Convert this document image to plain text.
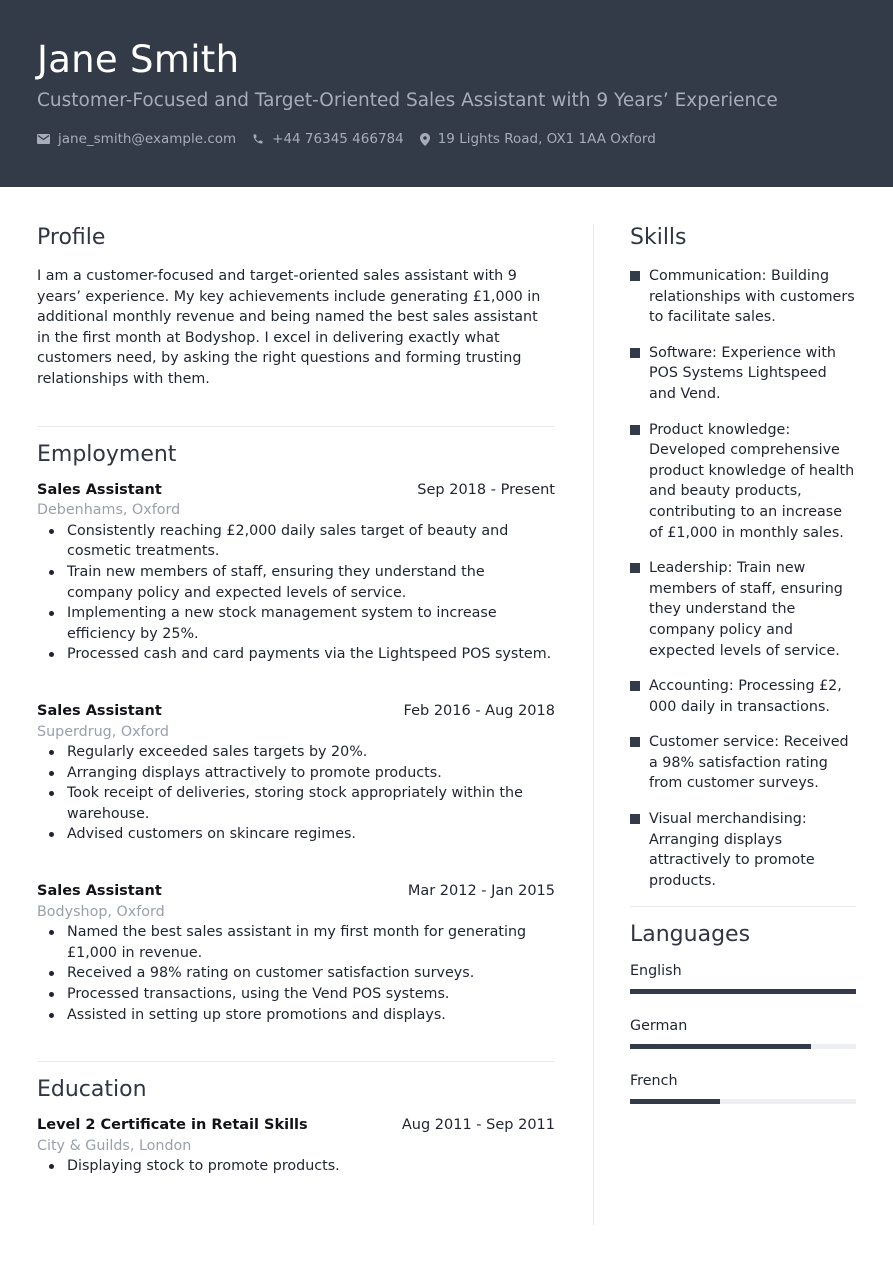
Jane Smith
Customer-Focused and Target-Oriented Sales Assistant with 9 Years’ Experience
jane_smith@example.com	+44 76345 466784	19 Lights Road, OX1 1AA Oxford
Profile
I am a customer-focused and target-oriented sales assistant with 9 years’ experience. My key achievements include generating £1,000 in additional monthly revenue and being named the best sales assistant in the first month at Bodyshop. I excel in delivering exactly what customers need, by asking the right questions and forming trusting relationships with them.
Employment
Sales Assistant	Sep 2018 - Present
Debenhams, Oxford
Consistently reaching £2,000 daily sales target of beauty and cosmetic treatments.
Train new members of staff, ensuring they understand the company policy and expected levels of service.
Implementing a new stock management system to increase efficiency by 25%.
Processed cash and card payments via the Lightspeed POS system.
Sales Assistant	Feb 2016 - Aug 2018
Superdrug, Oxford
Regularly exceeded sales targets by 20%.
Arranging displays attractively to promote products.
Took receipt of deliveries, storing stock appropriately within the warehouse.
Advised customers on skincare regimes.
Sales Assistant	Mar 2012 - Jan 2015
Bodyshop, Oxford
Named the best sales assistant in my first month for generating £1,000 in revenue.
Received a 98% rating on customer satisfaction surveys.
Processed transactions, using the Vend POS systems.
Assisted in setting up store promotions and displays.
Education
Level 2 Certificate in Retail Skills	Aug 2011 - Sep 2011
City & Guilds, London
Displaying stock to promote products.
Skills
Communication: Building relationships with customers to facilitate sales.
Software: Experience with POS Systems Lightspeed and Vend.
Product knowledge: Developed comprehensive product knowledge of health and beauty products, contributing to an increase of £1,000 in monthly sales.
Leadership: Train new members of staff, ensuring they understand the company policy and expected levels of service.
Accounting: Processing £2, 000 daily in transactions.
Customer service: Received a 98% satisfaction rating from customer surveys.
Visual merchandising: Arranging displays attractively to promote products.
Languages
English
German
French
